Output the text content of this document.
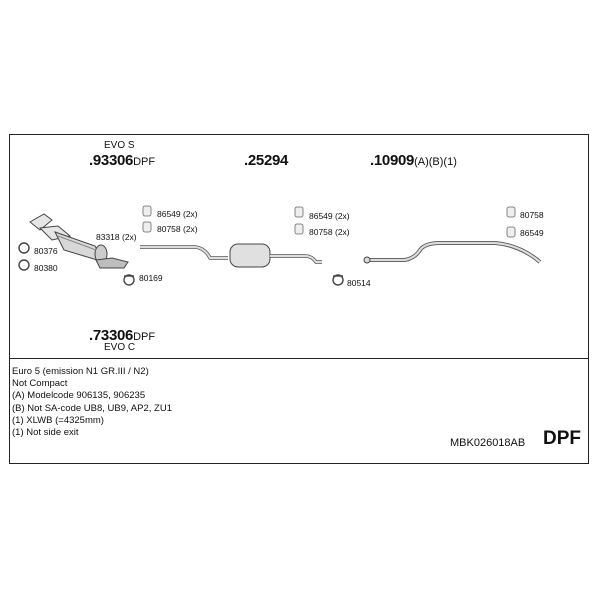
EVO S
.93306DPF	.25294	.10909(A)(B)(1)
86549 (2x)
80758 (2x)
83318 (2x)
80376
80380
80169
86549 (2x)
80758 (2x)
80514
80758
86549
.73306DPF
EVO C
Euro 5 (emission N1 GR.III / N2)
Not Compact
(A) Modelcode 906135, 906235
(B) Not SA-code UB8, UB9, AP2, ZU1
(1) XLWB (=4325mm)
(1) Not side exit
MBK026018AB DPF
